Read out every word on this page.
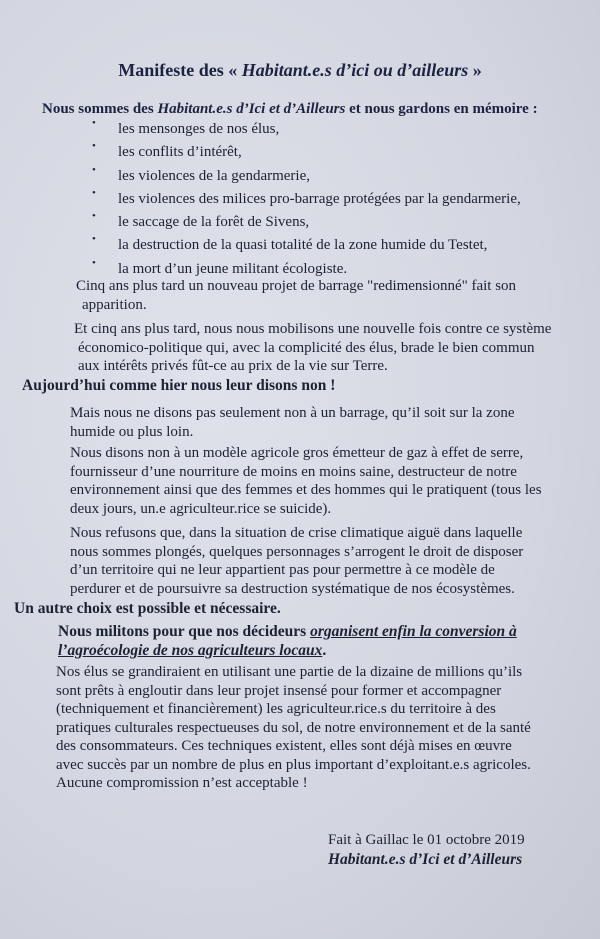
Manifeste des « Habitant.e.s d’ici ou d’ailleurs »
Nous sommes des Habitant.e.s d’Ici et d’Ailleurs et nous gardons en mémoire :
• les mensonges de nos élus,
• les conflits d’intérêt,
• les violences de la gendarmerie,
• les violences des milices pro-barrage protégées par la gendarmerie,
• le saccage de la forêt de Sivens,
• la destruction de la quasi totalité de la zone humide du Testet,
• la mort d’un jeune militant écologiste.
Cinq ans plus tard un nouveau projet de barrage "redimensionné" fait son
apparition.
Et cinq ans plus tard, nous nous mobilisons une nouvelle fois contre ce système
économico-politique qui, avec la complicité des élus, brade le bien commun
aux intérêts privés fût-ce au prix de la vie sur Terre.
Aujourd’hui comme hier nous leur disons non !
Mais nous ne disons pas seulement non à un barrage, qu’il soit sur la zone
humide ou plus loin.
Nous disons non à un modèle agricole gros émetteur de gaz à effet de serre,
fournisseur d’une nourriture de moins en moins saine, destructeur de notre
environnement ainsi que des femmes et des hommes qui le pratiquent (tous les
deux jours, un.e agriculteur.rice se suicide).
Nous refusons que, dans la situation de crise climatique aiguë dans laquelle
nous sommes plongés, quelques personnages s’arrogent le droit de disposer
d’un territoire qui ne leur appartient pas pour permettre à ce modèle de
perdurer et de poursuivre sa destruction systématique de nos écosystèmes.
Un autre choix est possible et nécessaire.
Nous militons pour que nos décideurs organisent enfin la conversion à
l’agroécologie de nos agriculteurs locaux.
Nos élus se grandiraient en utilisant une partie de la dizaine de millions qu’ils
sont prêts à engloutir dans leur projet insensé pour former et accompagner
(techniquement et financièrement) les agriculteur.rice.s du territoire à des
pratiques culturales respectueuses du sol, de notre environnement et de la santé
des consommateurs. Ces techniques existent, elles sont déjà mises en œuvre
avec succès par un nombre de plus en plus important d’exploitant.e.s agricoles.
Aucune compromission n’est acceptable !
Fait à Gaillac le 01 octobre 2019
Habitant.e.s d’Ici et d’Ailleurs
